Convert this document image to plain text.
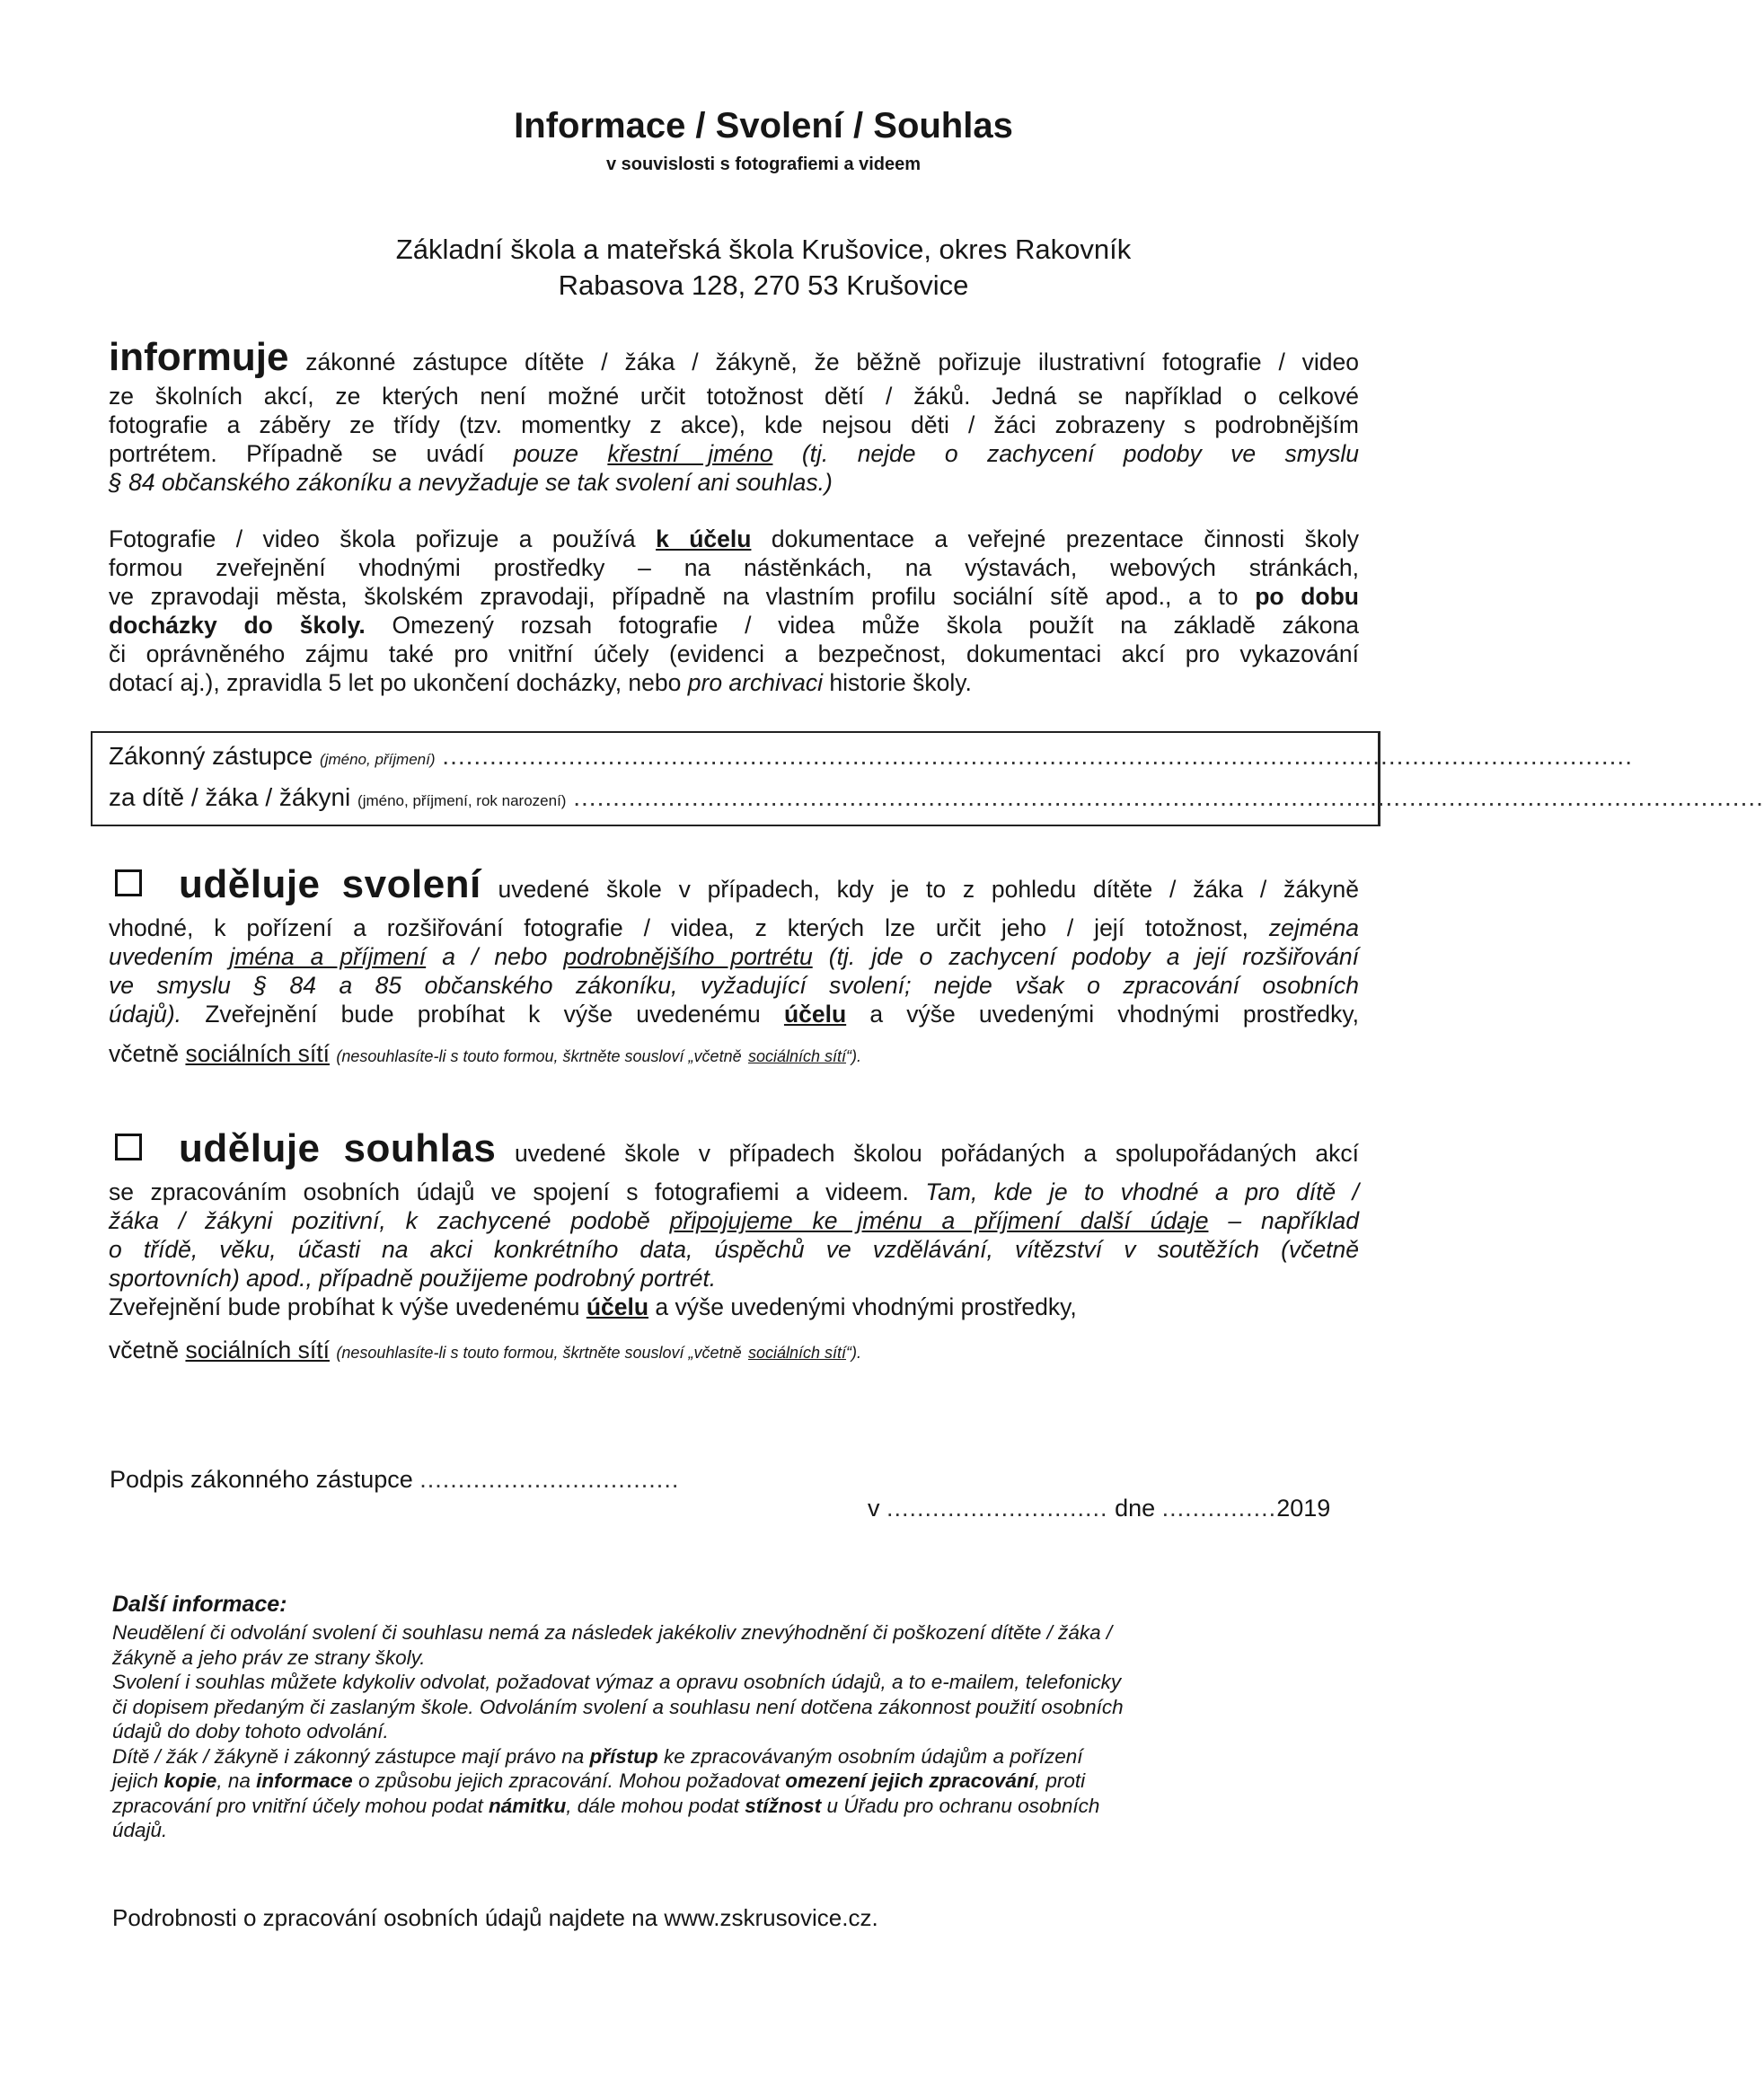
Informace / Svolení / Souhlas
v souvislosti s fotografiemi a videem
Základní škola a mateřská škola Krušovice, okres Rakovník
Rabasova 128, 270 53 Krušovice
informuje zákonné zástupce dítěte / žáka / žákyně, že běžně pořizuje ilustrativní fotografie / video
ze školních akcí, ze kterých není možné určit totožnost dětí / žáků. Jedná se například o celkové
fotografie a záběry ze třídy (tzv. momentky z akce), kde nejsou děti / žáci zobrazeny s podrobnějším
portrétem. Případně se uvádí pouze křestní jméno (tj. nejde o zachycení podoby ve smyslu
§ 84 občanského zákoníku a nevyžaduje se tak svolení ani souhlas.)
Fotografie / video škola pořizuje a používá k účelu dokumentace a veřejné prezentace činnosti školy
formou zveřejnění vhodnými prostředky – na nástěnkách, na výstavách, webových stránkách,
ve zpravodaji města, školském zpravodaji, případně na vlastním profilu sociální sítě apod., a to po dobu
docházky do školy. Omezený rozsah fotografie / videa může škola použít na základě zákona
či oprávněného zájmu také pro vnitřní účely (evidenci a bezpečnost, dokumentaci akcí pro vykazování
dotací aj.), zpravidla 5 let po ukončení docházky, nebo pro archivaci historie školy.
Zákonný zástupce (jméno, příjmení) .......................................................................................................................................................
za dítě / žáka / žákyni (jméno, příjmení, rok narození) .......................................................................................................................................................
uděluje svolení uvedené škole v případech, kdy je to z pohledu dítěte / žáka / žákyně
vhodné, k pořízení a rozšiřování fotografie / videa, z kterých lze určit jeho / její totožnost, zejména
uvedením jména a příjmení a / nebo podrobnějšího portrétu (tj. jde o zachycení podoby a její rozšiřování
ve smyslu § 84 a 85 občanského zákoníku, vyžadující svolení; nejde však o zpracování osobních
údajů). Zveřejnění bude probíhat k výše uvedenému účelu a výše uvedenými vhodnými prostředky,
včetně sociálních sítí (nesouhlasíte-li s touto formou, škrtněte sousloví „včetně sociálních sítí“).
uděluje souhlas uvedené škole v případech školou pořádaných a spolupořádaných akcí
se zpracováním osobních údajů ve spojení s fotografiemi a videem. Tam, kde je to vhodné a pro dítě /
žáka / žákyni pozitivní, k zachycené podobě připojujeme ke jménu a příjmení další údaje – například
o třídě, věku, účasti na akci konkrétního data, úspěchů ve vzdělávání, vítězství v soutěžích (včetně
sportovních) apod., případně použijeme podrobný portrét.
Zveřejnění bude probíhat k výše uvedenému účelu a výše uvedenými vhodnými prostředky,
včetně sociálních sítí (nesouhlasíte-li s touto formou, škrtněte sousloví „včetně sociálních sítí“).
Podpis zákonného zástupce ..................................
v ............................. dne ...............2019
Další informace:
Neudělení či odvolání svolení či souhlasu nemá za následek jakékoliv znevýhodnění či poškození dítěte / žáka /
žákyně a jeho práv ze strany školy.
Svolení i souhlas můžete kdykoliv odvolat, požadovat výmaz a opravu osobních údajů, a to e-mailem, telefonicky
či dopisem předaným či zaslaným škole. Odvoláním svolení a souhlasu není dotčena zákonnost použití osobních
údajů do doby tohoto odvolání.
Dítě / žák / žákyně i zákonný zástupce mají právo na přístup ke zpracovávaným osobním údajům a pořízení
jejich kopie, na informace o způsobu jejich zpracování. Mohou požadovat omezení jejich zpracování, proti
zpracování pro vnitřní účely mohou podat námitku, dále mohou podat stížnost u Úřadu pro ochranu osobních
údajů.
Podrobnosti o zpracování osobních údajů najdete na www.zskrusovice.cz.
